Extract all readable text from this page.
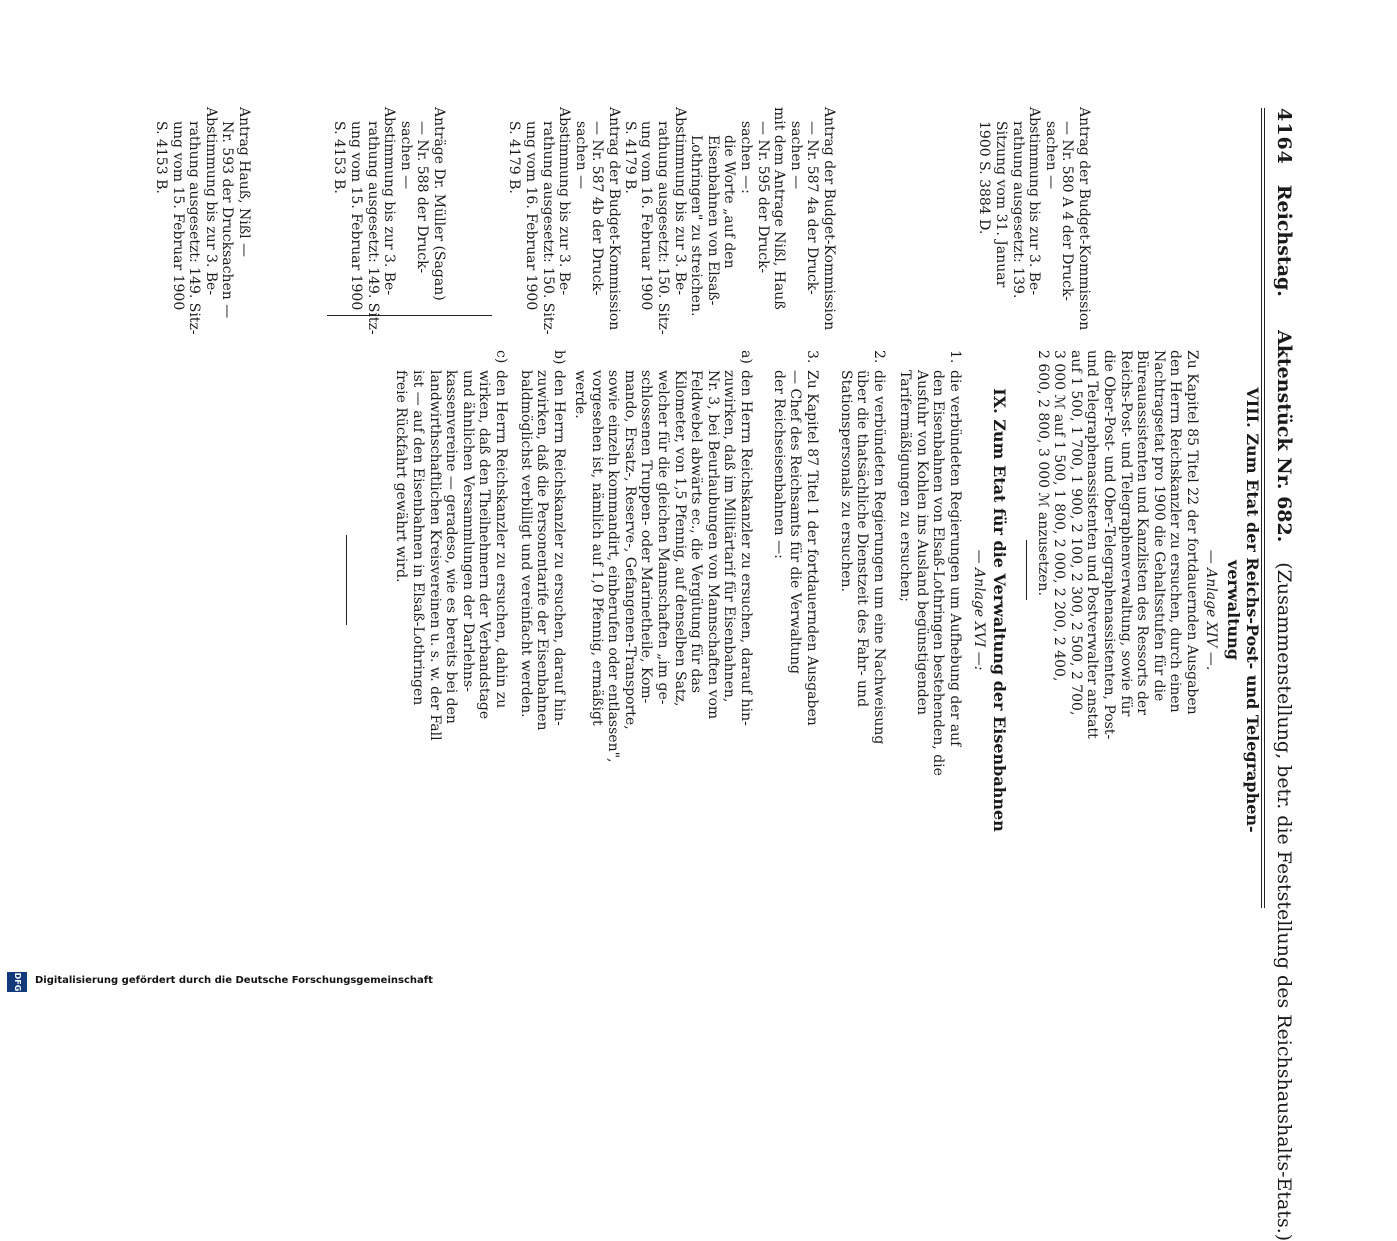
4164   Reichstag.     Aktenstück Nr. 682.   (Zusammenstellung, betr. die Feststellung des Reichshaushalts-Etats.)
Antrag der Budget-Kommission
— Nr. 580 A 4 der Druck-
sachen —
Abstimmung bis zur 3. Be-
rathung ausgesetzt: 139.
Sitzung vom 31. Januar
1900 S. 3884 D.
Antrag der Budget-Kommission
— Nr. 587 4a der Druck-
sachen —
mit dem Antrage Nißl, Hauß
— Nr. 595 der Druck-
sachen —:
die Worte „auf den
Eisenbahnen von Elsaß-
Lothringen" zu streichen.
Abstimmung bis zur 3. Be-
rathung ausgesetzt: 150. Sitz-
ung vom 16. Februar 1900
S. 4179 B.
Antrag der Budget-Kommission
— Nr. 587 4b der Druck-
sachen —
Abstimmung bis zur 3. Be-
rathung ausgesetzt: 150. Sitz-
ung vom 16. Februar 1900
S. 4179 B.
Anträge Dr. Müller (Sagan)
— Nr. 588 der Druck-
sachen —
Abstimmung bis zur 3. Be-
rathung ausgesetzt: 149. Sitz-
ung vom 15. Februar 1900
S. 4153 B.
Antrag Hauß, Nißl —
Nr. 593 der Drucksachen —
Abstimmung bis zur 3. Be-
rathung ausgesetzt: 149. Sitz-
ung vom 15. Februar 1900
S. 4153 B.
VIII. Zum Etat der Reichs-Post- und Telegraphen-
verwaltung
— Anlage XIV —.
Zu Kapitel 85 Titel 22 der fortdauernden Ausgaben
den Herrn Reichskanzler zu ersuchen, durch einen
Nachtragsetat pro 1900 die Gehaltsstufen für die
Büreauassistenten und Kanzlisten des Ressorts der
Reichs-Post- und Telegraphenverwaltung, sowie für
die Ober-Post- und Ober-Telegraphenassistenten, Post-
und Telegraphenassistenten und Postverwalter anstatt
auf 1 500, 1 700, 1 900, 2 100, 2 300, 2 500, 2 700,
3 000 ℳ auf 1 500, 1 800, 2 000, 2 200, 2 400,
2 600, 2 800, 3 000 ℳ anzusetzen.
IX. Zum Etat für die Verwaltung der Eisenbahnen
— Anlage XVI —:
1.
die verbündeten Regierungen um Aufhebung der auf
den Eisenbahnen von Elsaß-Lothringen bestehenden, die
Ausfuhr von Kohlen ins Ausland begünstigenden
Tarifermäßigungen zu ersuchen;
2.
die verbündeten Regierungen um eine Nachweisung
über die thatsächliche Dienstzeit des Fahr- und
Stationspersonals zu ersuchen.
3.
Zu Kapitel 87 Titel 1 der fortdauernden Ausgaben
— Chef des Reichsamts für die Verwaltung
der Reichseisenbahnen —:
a)
den Herrn Reichskanzler zu ersuchen, darauf hin-
zuwirken, daß im Militärtarif für Eisenbahnen,
Nr. 3, bei Beurlaubungen von Mannschaften vom
Feldwebel abwärts ec., die Vergütung für das
Kilometer, von 1,5 Pfennig, auf denselben Satz,
welcher für die gleichen Mannschaften „im ge-
schlossenen Truppen- oder Marinetheile, Kom-
mando, Ersatz-, Reserve-, Gefangenen-Transporte,
sowie einzeln kommandirt, einberufen oder entlassen",
vorgesehen ist, nämlich auf 1,0 Pfennig, ermäßigt
werde.
b)
den Herrn Reichskanzler zu ersuchen, darauf hin-
zuwirken, daß die Personentarife der Eisenbahnen
baldmöglichst verbilligt und vereinfacht werden.
c)
den Herrn Reichskanzler zu ersuchen, dahin zu
wirken, daß den Theilnehmern der Verbandstage
und ähnlichen Versammlungen der Darlehns-
kassenvereine — geradeso, wie es bereits bei den
landwirthschaftlichen Kreisvereinen u. s. w. der Fall
ist — auf den Eisenbahnen in Elsaß-Lothringen
freie Rückfahrt gewährt wird.
DFG	Digitalisierung gefördert durch die Deutsche Forschungsgemeinschaft
